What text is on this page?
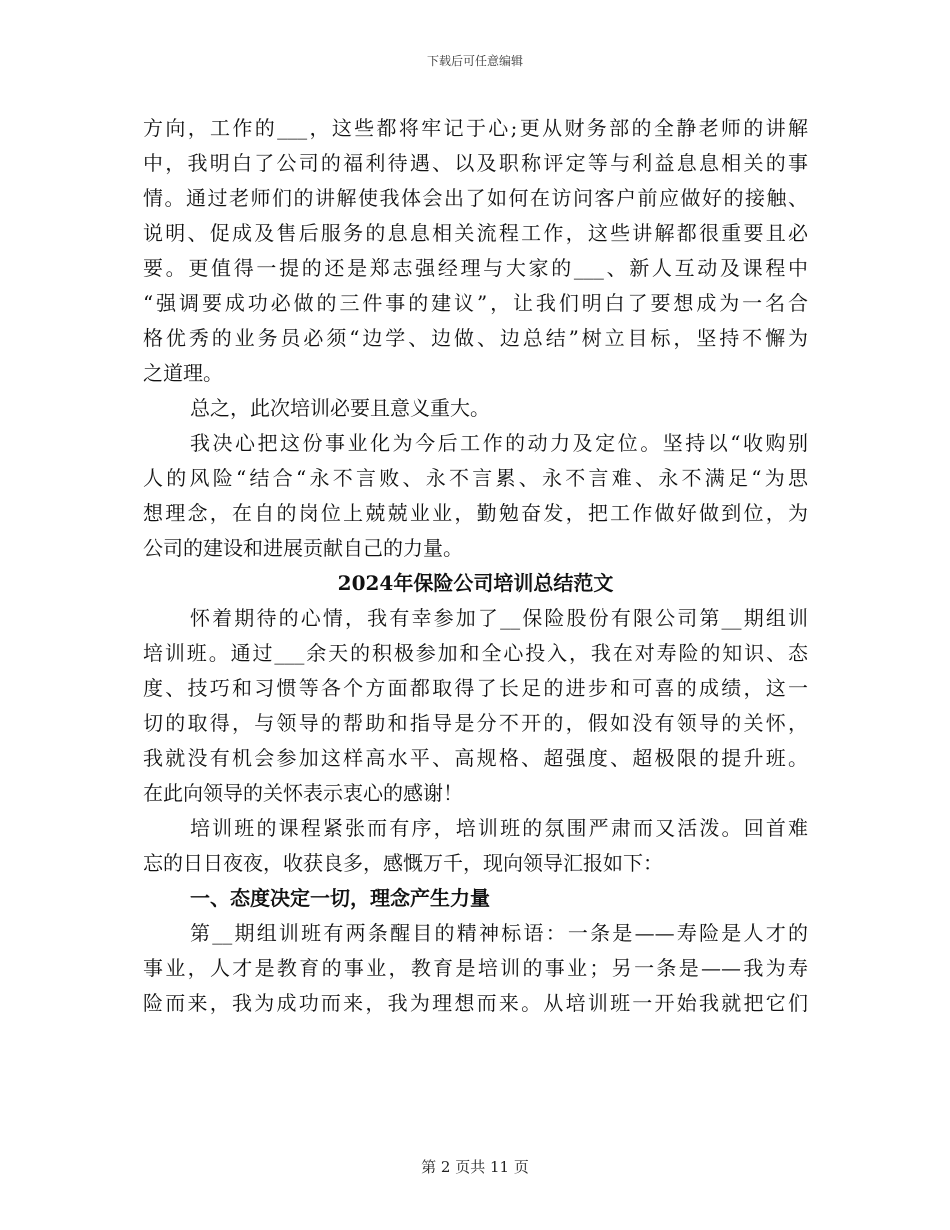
下载后可任意编辑
方向，工作的___，这些都将牢记于心;更从财务部的全静老师的讲解
中，我明白了公司的福利待遇、以及职称评定等与利益息息相关的事
情。通过老师们的讲解使我体会出了如何在访问客户前应做好的接触、
说明、促成及售后服务的息息相关流程工作，这些讲解都很重要且必
要。更值得一提的还是郑志强经理与大家的___、新人互动及课程中
“强调要成功必做的三件事的建议”，让我们明白了要想成为一名合
格优秀的业务员必须“边学、边做、边总结”树立目标，坚持不懈为
之道理。
总之，此次培训必要且意义重大。
我决心把这份事业化为今后工作的动力及定位。坚持以“收购别
人的风险“结合“永不言败、永不言累、永不言难、永不满足“为思
想理念，在自的岗位上兢兢业业，勤勉奋发，把工作做好做到位，为
公司的建设和进展贡献自己的力量。
2024年保险公司培训总结范文
怀着期待的心情，我有幸参加了__保险股份有限公司第__期组训
培训班。通过___余天的积极参加和全心投入，我在对寿险的知识、态
度、技巧和习惯等各个方面都取得了长足的进步和可喜的成绩，这一
切的取得，与领导的帮助和指导是分不开的，假如没有领导的关怀，
我就没有机会参加这样高水平、高规格、超强度、超极限的提升班。
在此向领导的关怀表示衷心的感谢！
培训班的课程紧张而有序，培训班的氛围严肃而又活泼。回首难
忘的日日夜夜，收获良多，感慨万千，现向领导汇报如下：
一、态度决定一切，理念产生力量
第__期组训班有两条醒目的精神标语：一条是——寿险是人才的
事业，人才是教育的事业，教育是培训的事业；另一条是——我为寿
险而来，我为成功而来，我为理想而来。从培训班一开始我就把它们
第 2 页共 11 页
